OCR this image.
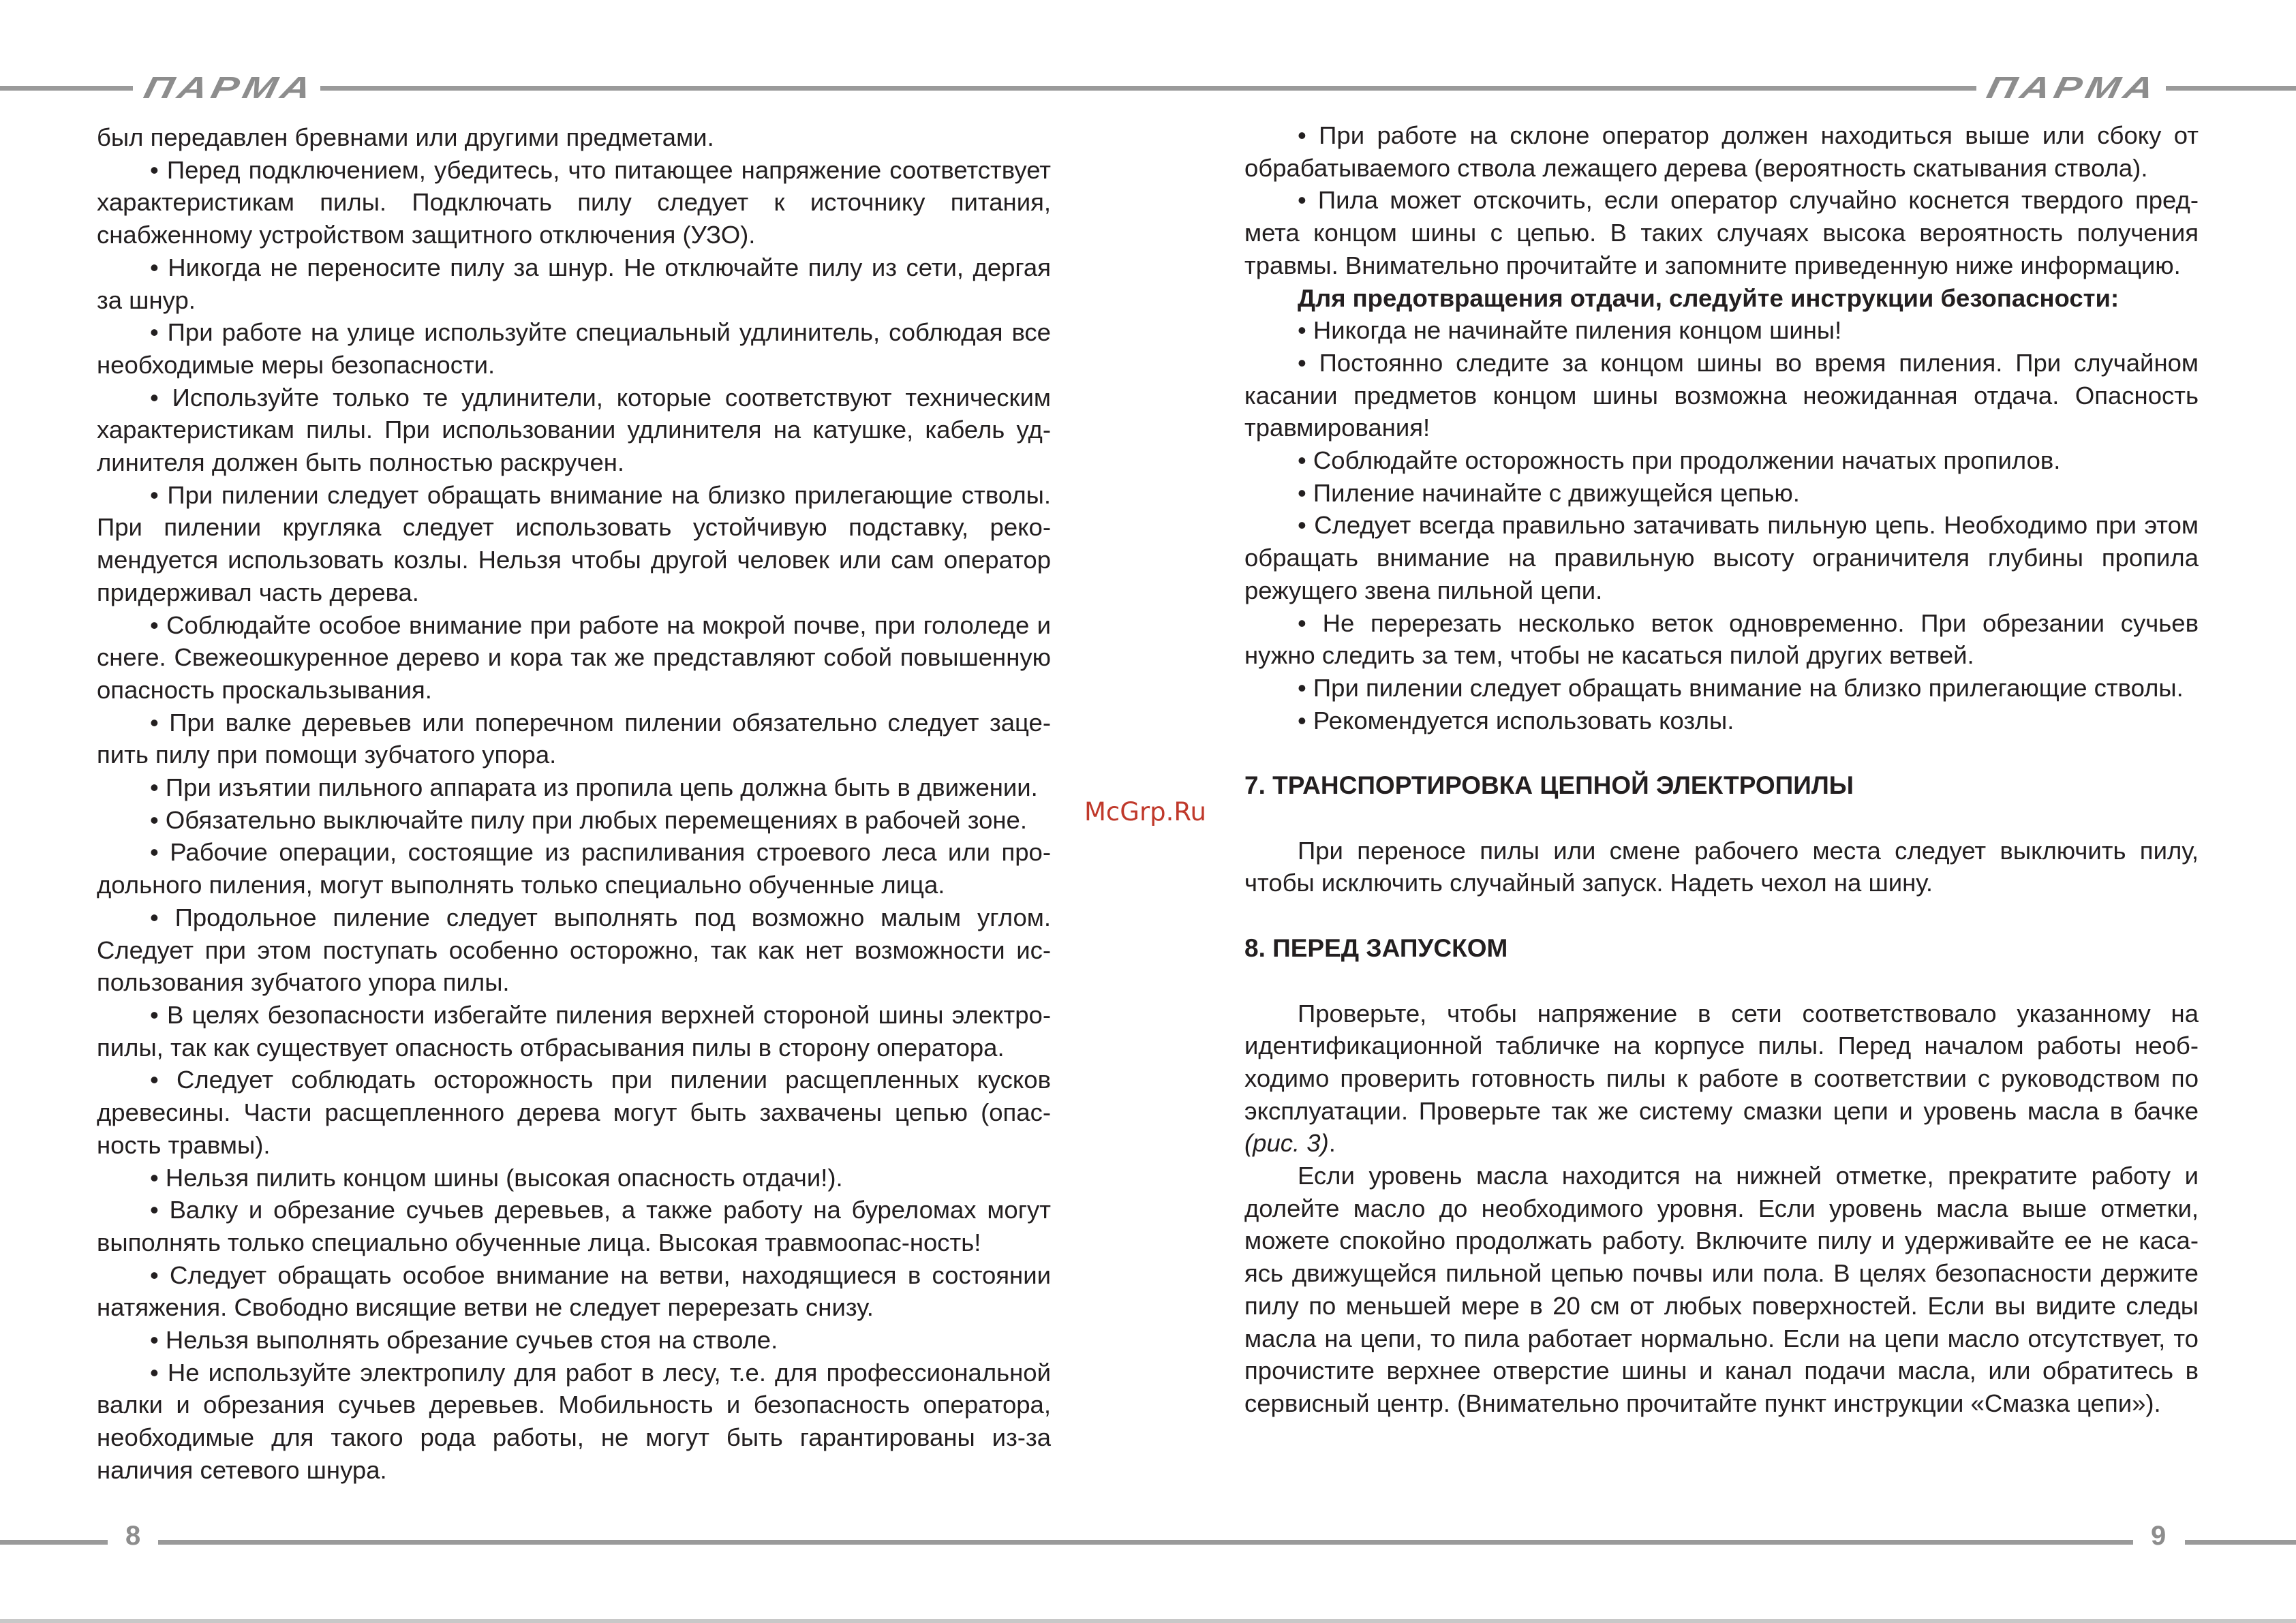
ПАРМА	ПАРМА

был передавлен бревнами или другими предметами.

• Перед подключением, убедитесь, что питающее напряжение соответствует характеристикам пилы. Подключать пилу следует к источнику питания, снабженному устройством защитного отключения (УЗО).

• Никогда не переносите пилу за шнур. Не отключайте пилу из сети, дергая за шнур.

• При работе на улице используйте специальный удлинитель, соблюдая все необходимые меры безопасности.

• Используйте только те удлинители, которые соответствуют техническим характеристикам пилы. При использовании удлинителя на катушке, кабель удлинителя должен быть полностью раскручен.

• При пилении следует обращать внимание на близко прилегающие стволы. При пилении кругляка следует использовать устойчивую подставку, рекомендуется использовать козлы. Нельзя чтобы другой человек или сам оператор придерживал часть дерева.

• Соблюдайте особое внимание при работе на мокрой почве, при гололеде и снеге. Свежеошкуренное дерево и кора так же представляют собой повышенную опасность проскальзывания.

• При валке деревьев или поперечном пилении обязательно следует зацепить пилу при помощи зубчатого упора.

• При изъятии пильного аппарата из пропила цепь должна быть в движении.

• Обязательно выключайте пилу при любых перемещениях в рабочей зоне.

• Рабочие операции, состоящие из распиливания строевого леса или продольного пиления, могут выполнять только специально обученные лица.

• Продольное пиление следует выполнять под возможно малым углом. Следует при этом поступать особенно осторожно, так как нет возможности использования зубчатого упора пилы.

• В целях безопасности избегайте пиления верхней стороной шины электропилы, так как существует опасность отбрасывания пилы в сторону оператора.

• Следует соблюдать осторожность при пилении расщепленных кусков древесины. Части расщепленного дерева могут быть захвачены цепью (опасность травмы).

• Нельзя пилить концом шины (высокая опасность отдачи!).

• Валку и обрезание сучьев деревьев, а также работу на буреломах могут выполнять только специально обученные лица. Высокая травмоопас-ность!

• Следует обращать особое внимание на ветви, находящиеся в состоянии натяжения. Свободно висящие ветви не следует перерезать снизу.

• Нельзя выполнять обрезание сучьев стоя на стволе.

• Не используйте электропилу для работ в лесу, т.е. для профессиональной валки и обрезания сучьев деревьев. Мобильность и безопасность оператора, необходимые для такого рода работы, не могут быть гарантированы из-за наличия сетевого шнура.

McGrp.Ru

• При работе на склоне оператор должен находиться выше или сбоку от обрабатываемого ствола лежащего дерева (вероятность скатывания ствола).

• Пила может отскочить, если оператор случайно коснется твердого предмета концом шины с цепью. В таких случаях высока вероятность получения травмы. Внимательно прочитайте и запомните приведенную ниже информацию.

Для предотвращения отдачи, следуйте инструкции безопасности:

• Никогда не начинайте пиления концом шины!

• Постоянно следите за концом шины во время пиления. При случайном касании предметов концом шины возможна неожиданная отдача. Опасность травмирования!

• Соблюдайте осторожность при продолжении начатых пропилов.

• Пиление начинайте с движущейся цепью.

• Следует всегда правильно затачивать пильную цепь. Необходимо при этом обращать внимание на правильную высоту ограничителя глубины пропила режущего звена пильной цепи.

• Не перерезать несколько веток одновременно. При обрезании сучьев нужно следить за тем, чтобы не касаться пилой других ветвей.

• При пилении следует обращать внимание на близко прилегающие стволы.

• Рекомендуется использовать козлы.

7. ТРАНСПОРТИРОВКА ЦЕПНОЙ ЭЛЕКТРОПИЛЫ

При переносе пилы или смене рабочего места следует выключить пилу, чтобы исключить случайный запуск. Надеть чехол на шину.

8. ПЕРЕД ЗАПУСКОМ

Проверьте, чтобы напряжение в сети соответствовало указанному на идентификационной табличке на корпусе пилы. Перед началом работы необходимо проверить готовность пилы к работе в соответствии с руководством по эксплуатации. Проверьте так же систему смазки цепи и уровень масла в бачке (рис. 3).

Если уровень масла находится на нижней отметке, прекратите работу и долейте масло до необходимого уровня. Если уровень масла выше отметки, можете спокойно продолжать работу. Включите пилу и удерживайте ее не касаясь движущейся пильной цепью почвы или пола. В целях безопасности держите пилу по меньшей мере в 20 см от любых поверхностей. Если вы видите следы масла на цепи, то пила работает нормально. Если на цепи масло отсутствует, то прочистите верхнее отверстие шины и канал подачи масла, или обратитесь в сервисный центр. (Внимательно прочитайте пункт инструкции «Смазка цепи»).

8	9
